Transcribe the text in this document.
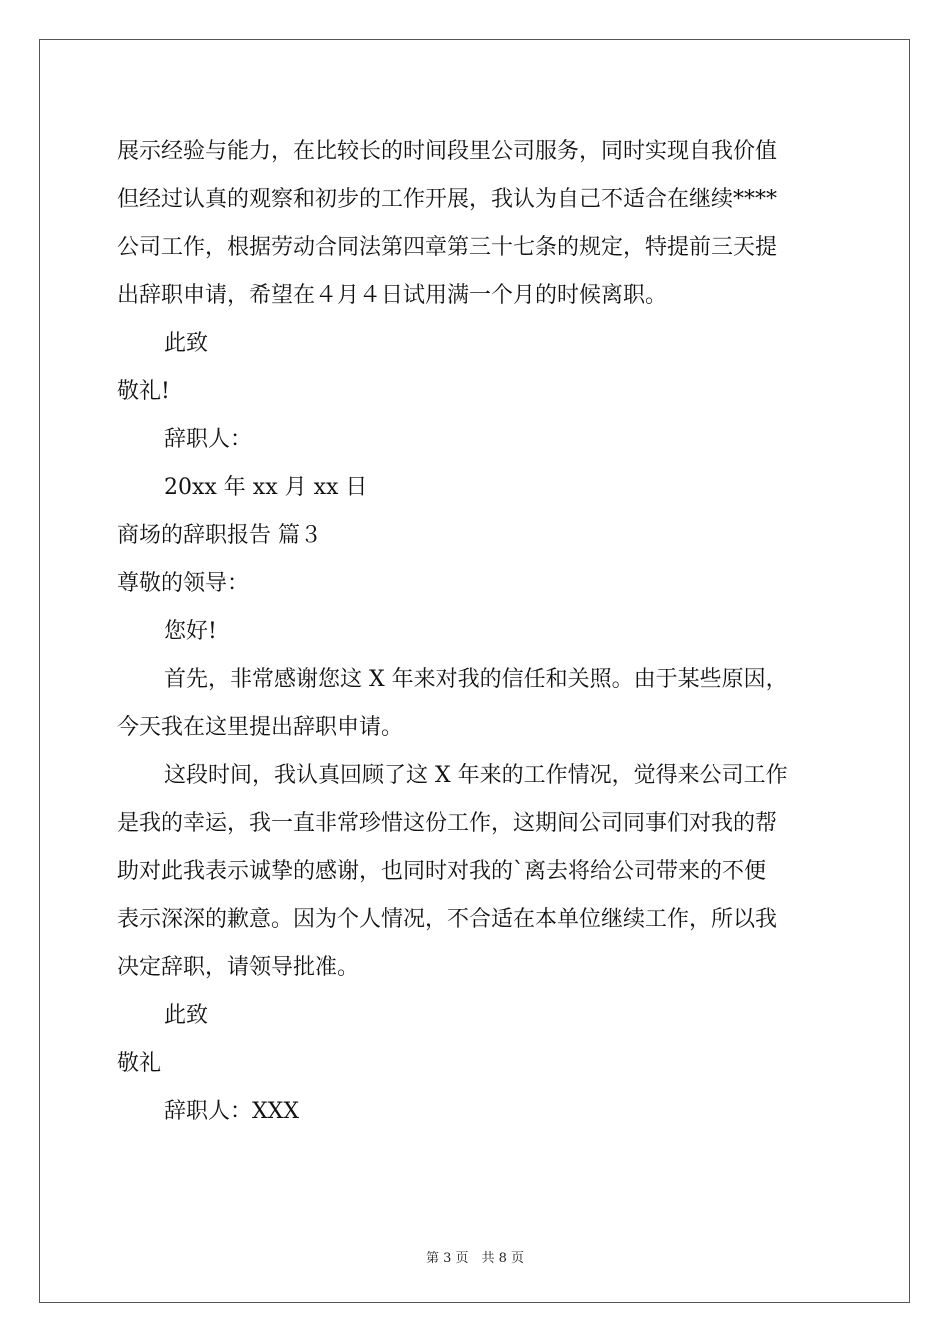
展示经验与能力，在比较长的时间段里公司服务，同时实现自我价值
但经过认真的观察和初步的工作开展，我认为自己不适合在继续****
公司工作，根据劳动合同法第四章第三十七条的规定，特提前三天提
出辞职申请，希望在４月４日试用满一个月的时候离职。
此致
敬礼!
辞职人：
20xx 年 xx 月 xx 日
商场的辞职报告 篇３
尊敬的领导：
您好!
首先，非常感谢您这 X 年来对我的信任和关照。由于某些原因，
今天我在这里提出辞职申请。
这段时间，我认真回顾了这 X 年来的工作情况，觉得来公司工作
是我的幸运，我一直非常珍惜这份工作，这期间公司同事们对我的帮
助对此我表示诚挚的感谢，也同时对我的`离去将给公司带来的不便
表示深深的歉意。因为个人情况，不合适在本单位继续工作，所以我
决定辞职，请领导批准。
此致
敬礼
辞职人：XXX
第 3 页　共 8 页
